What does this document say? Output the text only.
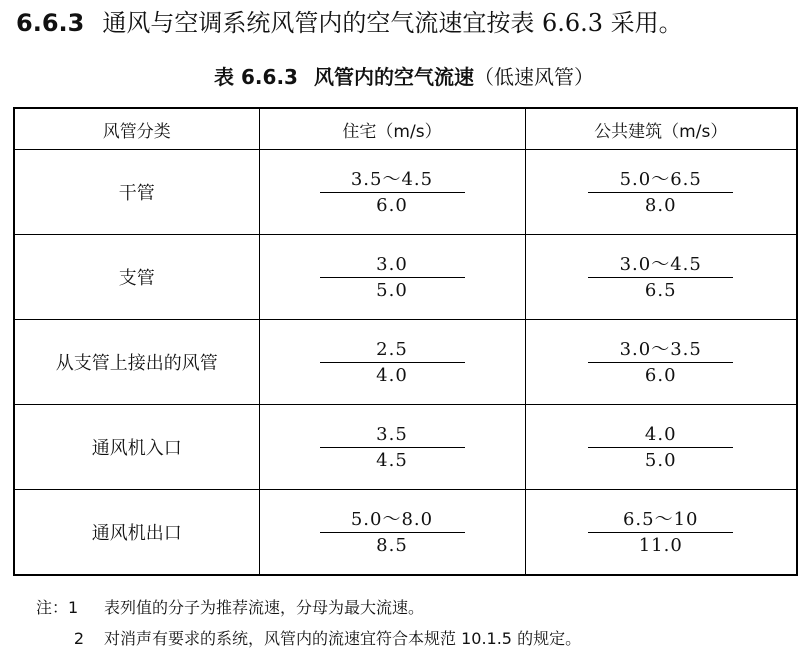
6.6.3 通风与空调系统风管内的空气流速宜按表 6.6.3 采用。
表 6.6.3 风管内的空气流速（低速风管）
风管分类	住宅（m/s）	公共建筑（m/s）
干管	$\frac{3.5\sim 4.5}{6.0}$	$\frac{5.0\sim 6.5}{8.0}$

支管	$\frac{3.0}{5.0}$	$\frac{3.0\sim 4.5}{6.5}$

从支管上接出的风管	$\frac{2.5}{4.0}$	$\frac{3.0\sim 3.5}{6.0}$

通风机入口	$\frac{3.5}{4.5}$	$\frac{4.0}{5.0}$

通风机出口	$\frac{5.0\sim 8.0}{8.5}$	$\frac{6.5\sim 10}{11.0}$
注：1 表列值的分子为推荐流速，分母为最大流速。
2 对消声有要求的系统，风管内的流速宜符合本规范 10.1.5 的规定。
